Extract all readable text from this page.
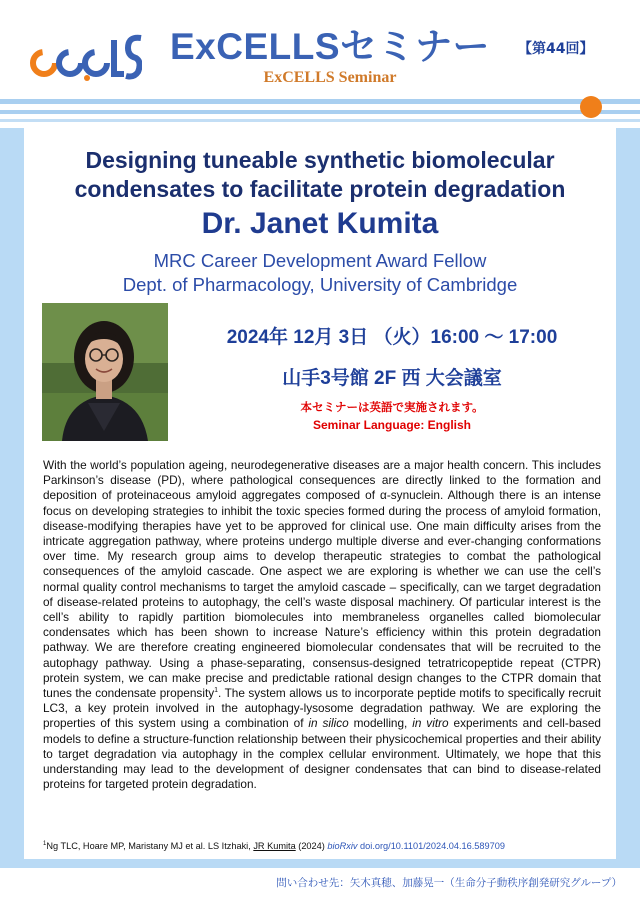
ExCELLSセミナー
ExCELLS Seminar
【第44回】
Designing tuneable synthetic biomolecular
condensates to facilitate protein degradation
Dr. Janet Kumita
MRC Career Development Award Fellow
Dept. of Pharmacology, University of Cambridge
2024年 12月 3日 （火）16:00 ～ 17:00
山手3号館 2F 西 大会議室
本セミナーは英語で実施されます。
Seminar Language: English

With the world’s population ageing, neurodegenerative diseases are a major health concern. This includes Parkinson’s disease (PD), where pathological consequences are directly linked to the formation and deposition of proteinaceous amyloid aggregates composed of α-synuclein. Although there is an intense focus on developing strategies to inhibit the toxic species formed during the process of amyloid formation, disease-modifying therapies have yet to be approved for clinical use. One main difficulty arises from the intricate aggregation pathway, where proteins undergo multiple diverse and ever-changing conformations over time. My research group aims to develop therapeutic strategies to combat the pathological consequences of the amyloid cascade. One aspect we are exploring is whether we can use the cell’s normal quality control mechanisms to target the amyloid cascade – specifically, can we target degradation of disease-related proteins to autophagy, the cell’s waste disposal machinery. Of particular interest is the cell’s ability to rapidly partition biomolecules into membraneless organelles called biomolecular condensates which has been shown to increase Nature’s efficiency within this protein degradation pathway. We are therefore creating engineered biomolecular condensates that will be recruited to the autophagy pathway. Using a phase-separating, consensus-designed tetratricopeptide repeat (CTPR) protein system, we can make precise and predictable rational design changes to the CTPR domain that tunes the condensate propensity$^1$. The system allows us to incorporate peptide motifs to specifically recruit LC3, a key protein involved in the autophagy-lysosome degradation pathway. We are exploring the properties of this system using a combination of in silico modelling, in vitro experiments and cell-based models to define a structure-function relationship between their physicochemical properties and their ability to target degradation via autophagy in the complex cellular environment. Ultimately, we hope that this understanding may lead to the development of designer condensates that can bind to disease-related proteins for targeted protein degradation.

$^1$Ng TLC, Hoare MP, Maristany MJ et al. LS Itzhaki, JR Kumita (2024) bioRxiv doi.org/10.1101/2024.04.16.589709
問い合わせ先：矢木真穂、加藤晃一（生命分子動秩序創発研究グループ）
